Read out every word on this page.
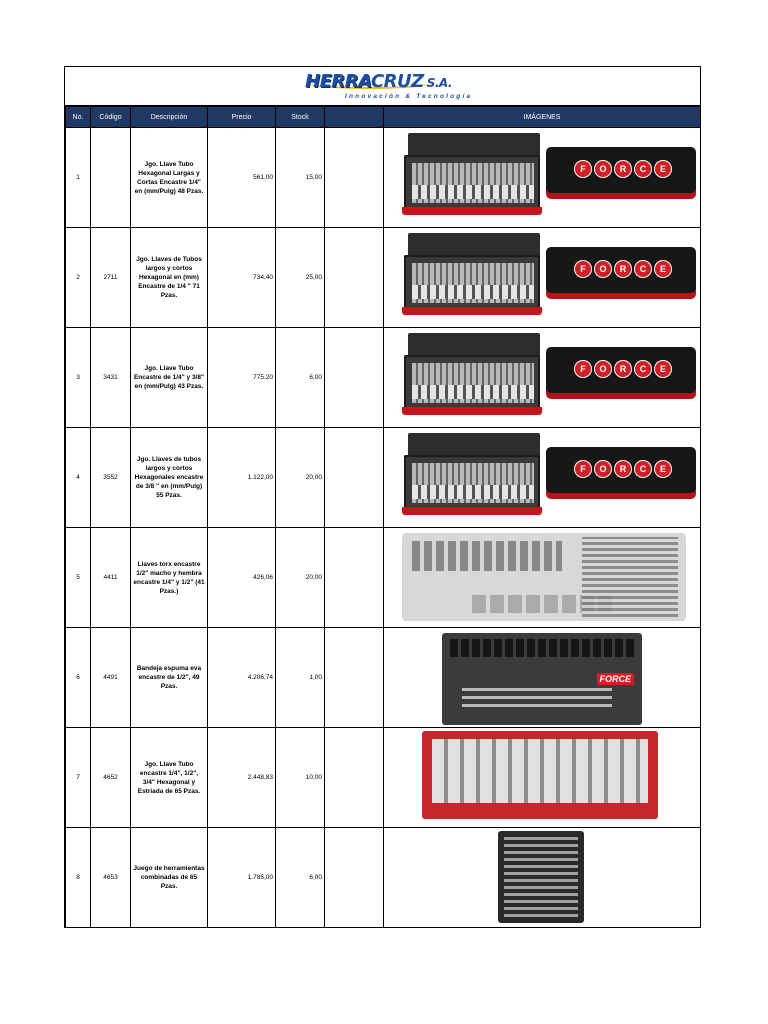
HERRACRUZ S.A.
Innovación & Tecnología
No.	Código	Descripción	Precio	Stock		IMÁGENES
1		Jgo. Llave Tubo Hexagonal Largas y Cortas Encastre 1/4" en (mm/Pulg) 48 Pzas.	561,00	15,00		F O R C E

2	2711	Jgo. Llaves de Tubos largos y cortos Hexagonal en (mm) Encastre de 1/4 " 71 Pzas.	734,40	25,00		F O R C E

3	3431	Jgo. Llave Tubo Encastre de 1/4" y 3/8" en (mm/Pulg) 43 Pzas.	775,20	6,00		F O R C E

4	3552	Jgo. Llaves de tubos largos y cortos Hexagonales encastre de 3/8 " en (mm/Pulg) 55 Pzas.	1.122,00	20,00		F O R C E

5	4411	Llaves torx encastre 1/2" macho y hembra encastre 1/4" y 1/2" (41 Pzas.)	426,06	20,00		

6	4491	Bandeja espuma eva encastre de 1/2", 49 Pzas.	4.206,74	1,00		FORCE

7	4652	Jgo. Llave Tubo encastre 1/4", 1/2", 3/4" Hexagonal y Estriada de 65 Pzas.	2.448,83	10,00		

8	4653	Juego de herramientas combinadas de 65 Pzas.	1.785,00	6,00		
